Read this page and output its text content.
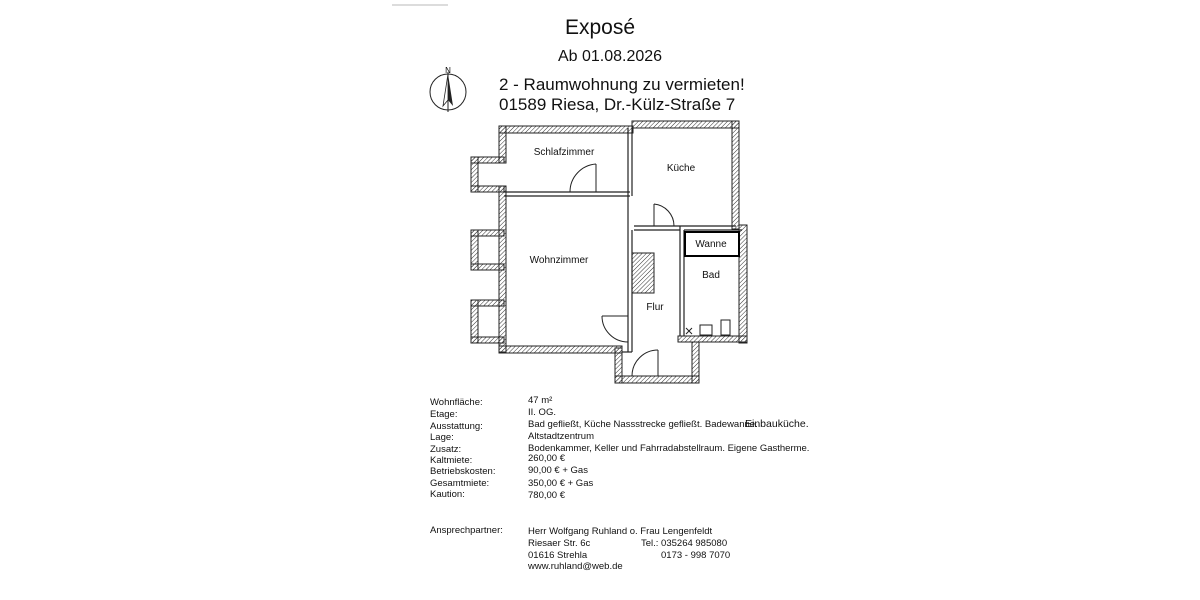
Exposé
Ab 01.08.2026
2 - Raumwohnung zu vermieten!
01589 Riesa, Dr.-Külz-Straße 7
N
Schlafzimmer
Küche
Wohnzimmer
Wanne
Bad
Flur
Wohnfläche:	47 m²
Etage:	II. OG.
Ausstattung:	Bad gefließt, Küche Nassstrecke gefließt. Badewanne.
Einbauküche.
Lage:	Altstadtzentrum
Zusatz:	Bodenkammer, Keller und Fahrradabstellraum. Eigene Gastherme.
Kaltmiete:	260,00 €
Betriebskosten:	90,00 € + Gas
Gesamtmiete:	350,00 € + Gas
Kaution:	780,00 €
Ansprechpartner:	Herr Wolfgang Ruhland o. Frau Lengenfeldt
Riesaer Str. 6c	Tel.: 035264 985080
01616 Strehla	0173 - 998 7070
www.ruhland@web.de
